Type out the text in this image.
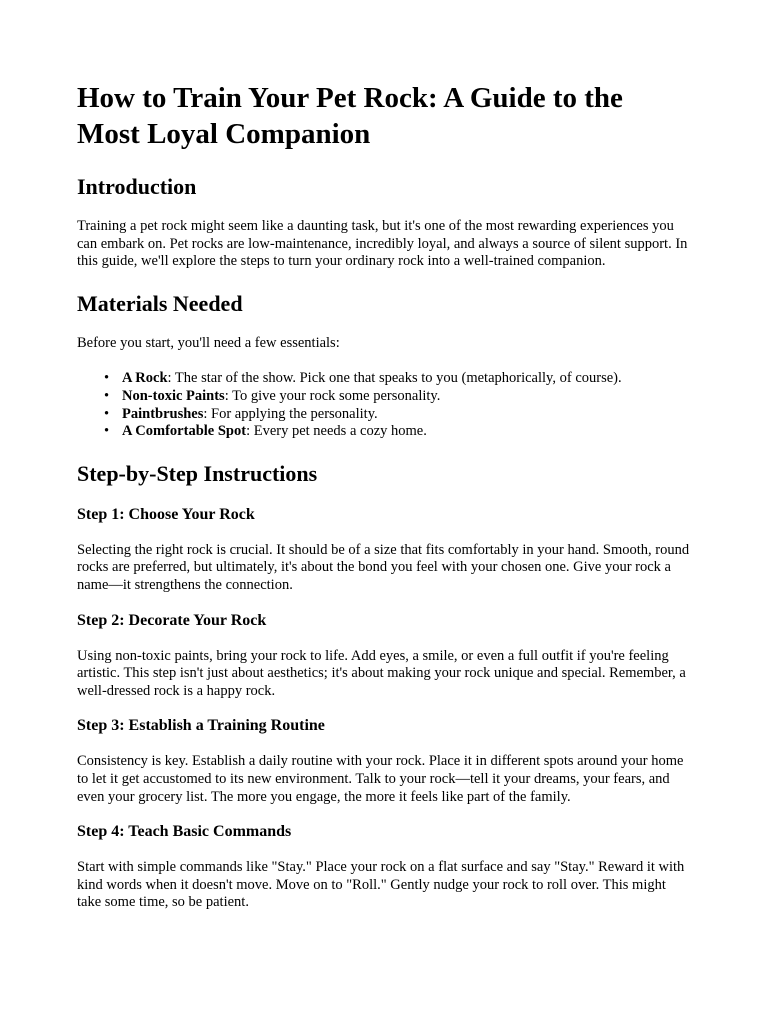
How to Train Your Pet Rock: A Guide to the Most Loyal Companion
Introduction

Training a pet rock might seem like a daunting task, but it's one of the most rewarding experiences you can embark on. Pet rocks are low-maintenance, incredibly loyal, and always a source of silent support. In this guide, we'll explore the steps to turn your ordinary rock into a well-trained companion.

Materials Needed

Before you start, you'll need a few essentials:

• A Rock: The star of the show. Pick one that speaks to you (metaphorically, of course).
• Non-toxic Paints: To give your rock some personality.
• Paintbrushes: For applying the personality.
• A Comfortable Spot: Every pet needs a cozy home.
Step-by-Step Instructions
Step 1: Choose Your Rock

Selecting the right rock is crucial. It should be of a size that fits comfortably in your hand. Smooth, round rocks are preferred, but ultimately, it's about the bond you feel with your chosen one. Give your rock a name—it strengthens the connection.

Step 2: Decorate Your Rock

Using non-toxic paints, bring your rock to life. Add eyes, a smile, or even a full outfit if you're feeling artistic. This step isn't just about aesthetics; it's about making your rock unique and special. Remember, a well-dressed rock is a happy rock.

Step 3: Establish a Training Routine

Consistency is key. Establish a daily routine with your rock. Place it in different spots around your home to let it get accustomed to its new environment. Talk to your rock—tell it your dreams, your fears, and even your grocery list. The more you engage, the more it feels like part of the family.

Step 4: Teach Basic Commands

Start with simple commands like "Stay." Place your rock on a flat surface and say "Stay." Reward it with kind words when it doesn't move. Move on to "Roll." Gently nudge your rock to roll over. This might take some time, so be patient.
